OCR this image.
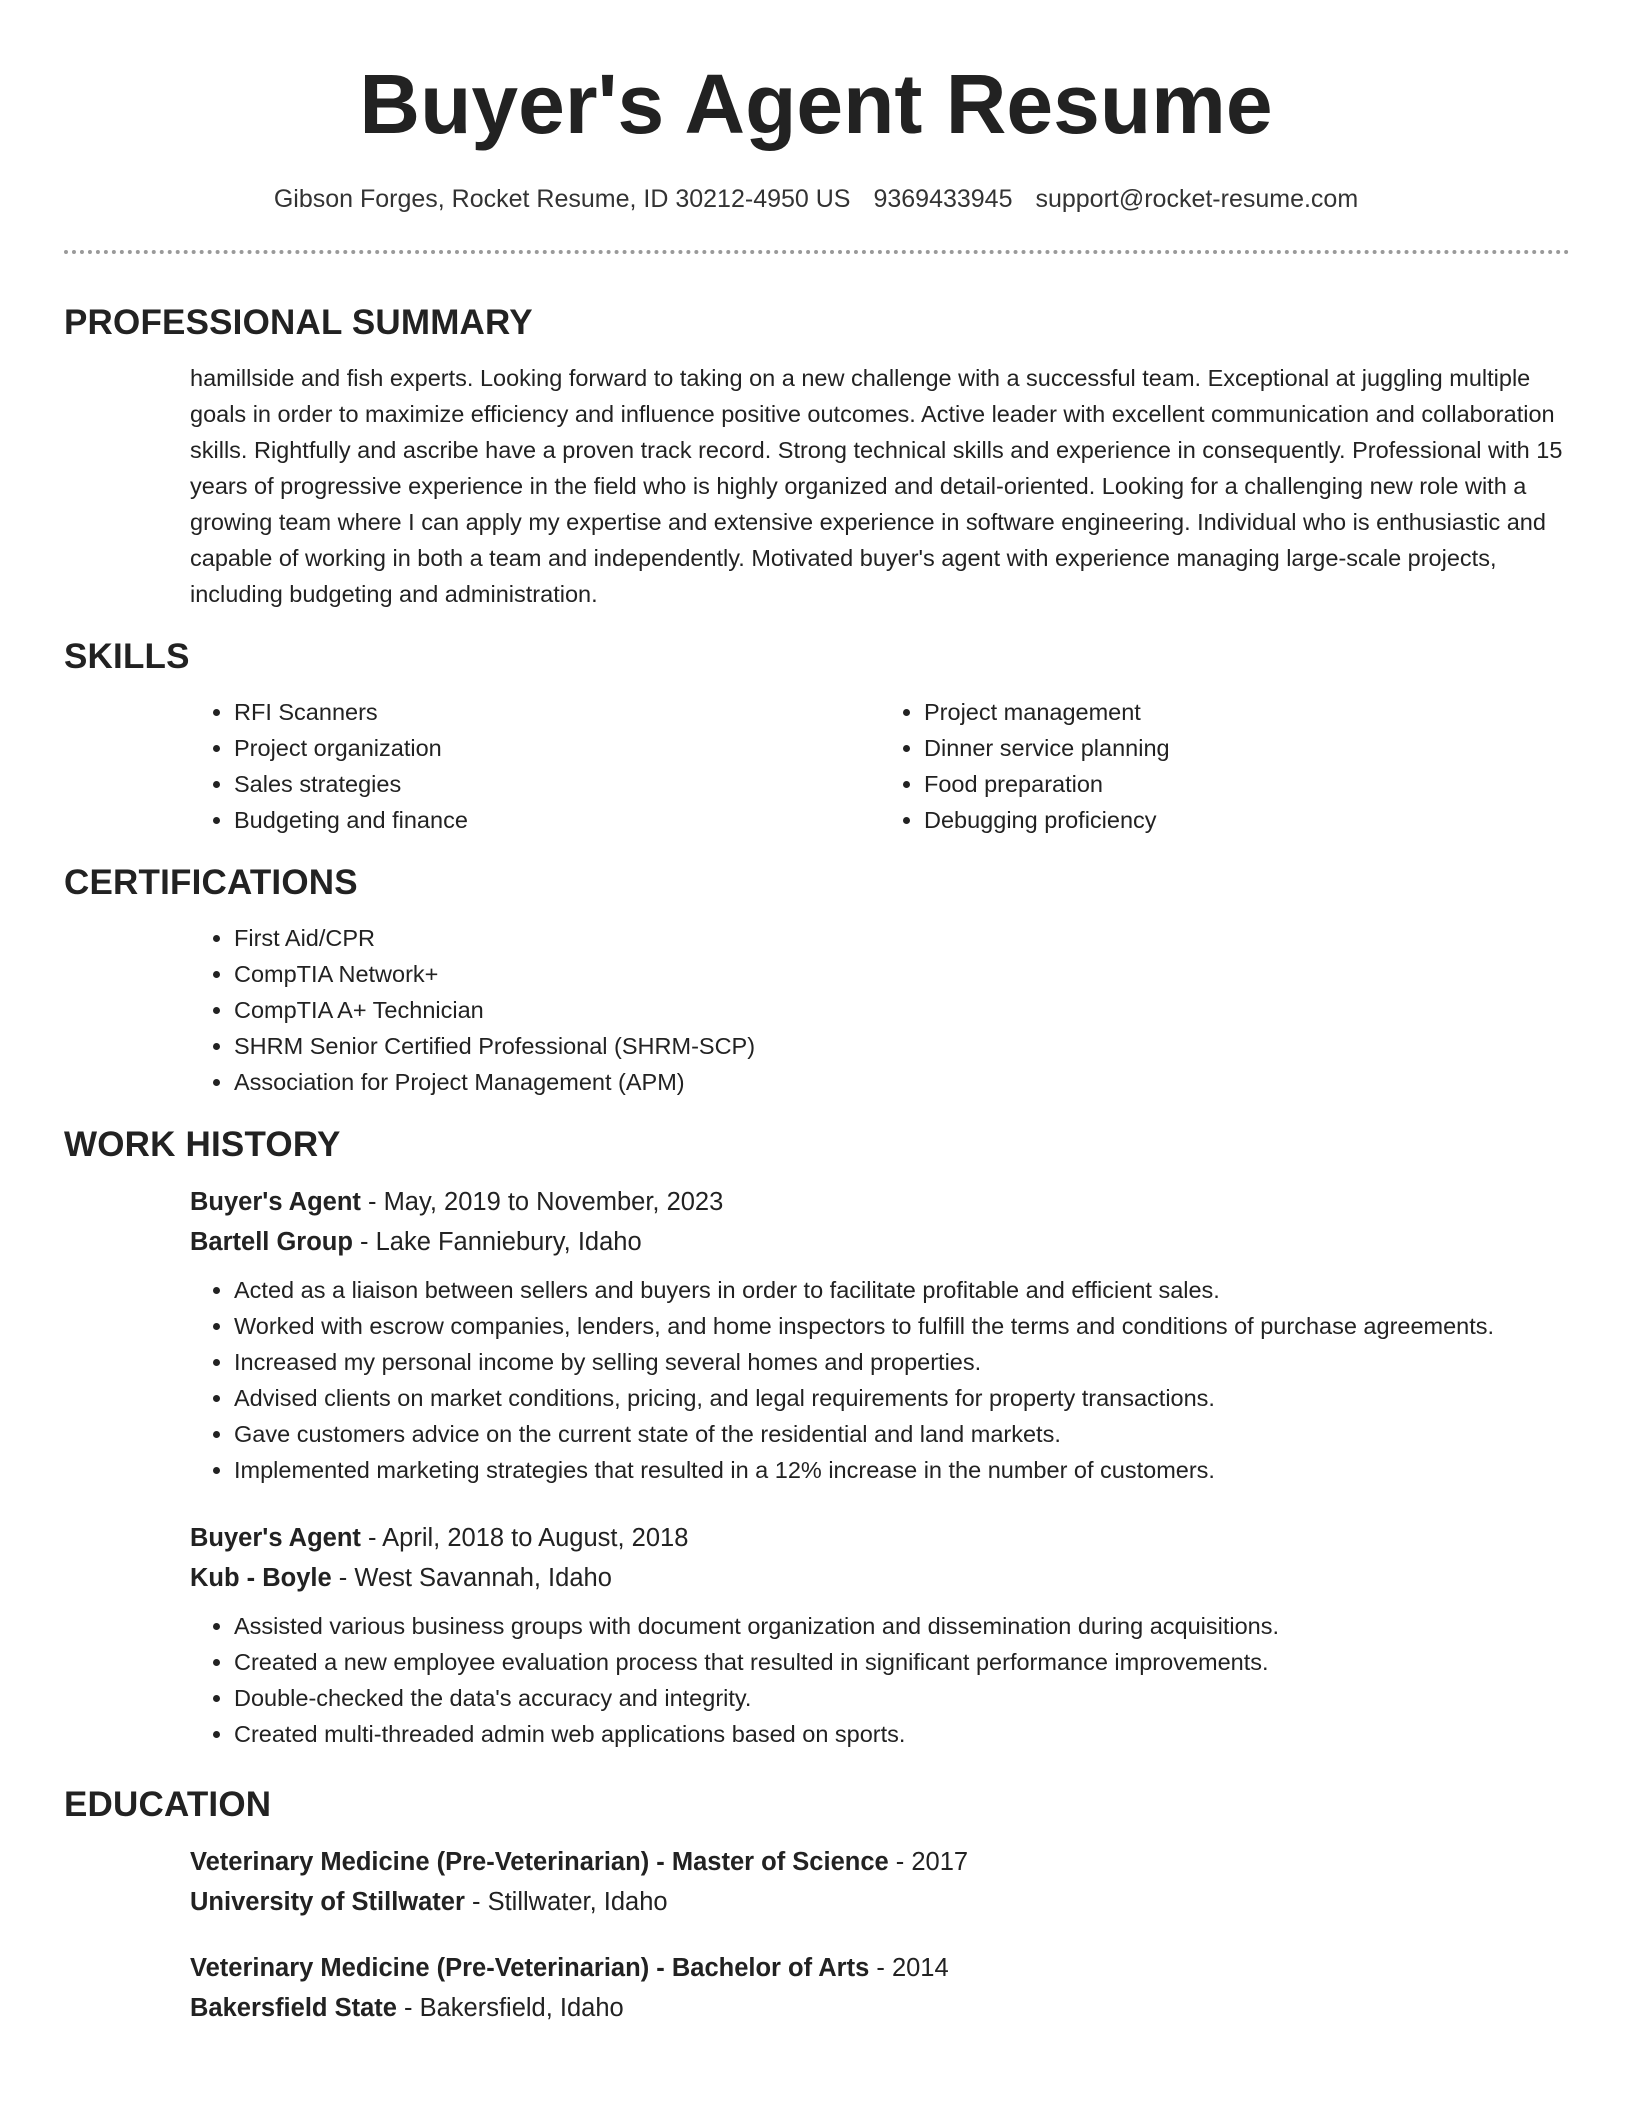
Buyer's Agent Resume
Gibson Forges, Rocket Resume, ID 30212-4950 US 9369433945 support@rocket-resume.com
PROFESSIONAL SUMMARY

hamillside and fish experts. Looking forward to taking on a new challenge with a successful team. Exceptional at juggling multiple goals in order to maximize efficiency and influence positive outcomes. Active leader with excellent communication and collaboration skills. Rightfully and ascribe have a proven track record. Strong technical skills and experience in consequently. Professional with 15 years of progressive experience in the field who is highly organized and detail-oriented. Looking for a challenging new role with a growing team where I can apply my expertise and extensive experience in software engineering. Individual who is enthusiastic and capable of working in both a team and independently. Motivated buyer's agent with experience managing large-scale projects, including budgeting and administration.

SKILLS
• RFI Scanners
• Project organization
• Sales strategies
• Budgeting and finance
• Project management
• Dinner service planning
• Food preparation
• Debugging proficiency
CERTIFICATIONS
• First Aid/CPR
• CompTIA Network+
• CompTIA A+ Technician
• SHRM Senior Certified Professional (SHRM-SCP)
• Association for Project Management (APM)
WORK HISTORY
Buyer's Agent - May, 2019 to November, 2023
Bartell Group - Lake Fanniebury, Idaho
• Acted as a liaison between sellers and buyers in order to facilitate profitable and efficient sales.
• Worked with escrow companies, lenders, and home inspectors to fulfill the terms and conditions of purchase agreements.
• Increased my personal income by selling several homes and properties.
• Advised clients on market conditions, pricing, and legal requirements for property transactions.
• Gave customers advice on the current state of the residential and land markets.
• Implemented marketing strategies that resulted in a 12% increase in the number of customers.
Buyer's Agent - April, 2018 to August, 2018
Kub - Boyle - West Savannah, Idaho
• Assisted various business groups with document organization and dissemination during acquisitions.
• Created a new employee evaluation process that resulted in significant performance improvements.
• Double-checked the data's accuracy and integrity.
• Created multi-threaded admin web applications based on sports.
EDUCATION
Veterinary Medicine (Pre-Veterinarian) - Master of Science - 2017
University of Stillwater - Stillwater, Idaho
Veterinary Medicine (Pre-Veterinarian) - Bachelor of Arts - 2014
Bakersfield State - Bakersfield, Idaho
